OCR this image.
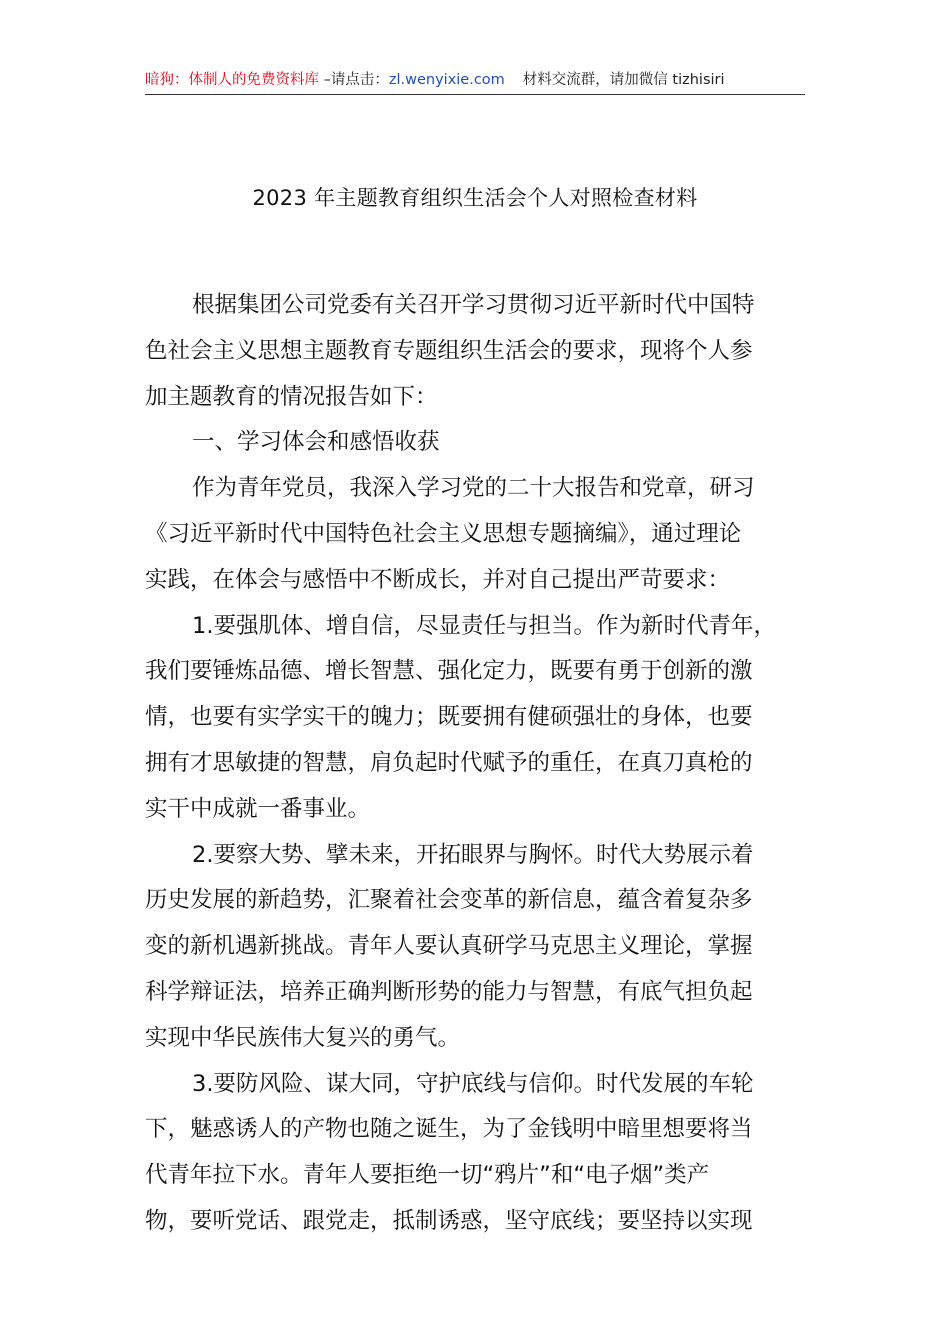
暗狗：体制人的免费资料库 –请点击：zl.wenyixie.com 材料交流群，请加微信 tizhisiri
2023 年主题教育组织生活会个人对照检查材料
根据集团公司党委有关召开学习贯彻习近平新时代中国特
色社会主义思想主题教育专题组织生活会的要求，现将个人参
加主题教育的情况报告如下：
一、学习体会和感悟收获
作为青年党员，我深入学习党的二十大报告和党章，研习
《习近平新时代中国特色社会主义思想专题摘编》，通过理论
实践，在体会与感悟中不断成长，并对自己提出严苛要求：
1.要强肌体、增自信，尽显责任与担当。作为新时代青年，
我们要锤炼品德、增长智慧、强化定力，既要有勇于创新的激
情，也要有实学实干的魄力；既要拥有健硕强壮的身体，也要
拥有才思敏捷的智慧，肩负起时代赋予的重任，在真刀真枪的
实干中成就一番事业。
2.要察大势、擘未来，开拓眼界与胸怀。时代大势展示着
历史发展的新趋势，汇聚着社会变革的新信息，蕴含着复杂多
变的新机遇新挑战。青年人要认真研学马克思主义理论，掌握
科学辩证法，培养正确判断形势的能力与智慧，有底气担负起
实现中华民族伟大复兴的勇气。
3.要防风险、谋大同，守护底线与信仰。时代发展的车轮
下，魅惑诱人的产物也随之诞生，为了金钱明中暗里想要将当
代青年拉下水。青年人要拒绝一切“鸦片”和“电子烟”类产
物，要听党话、跟党走，抵制诱惑，坚守底线；要坚持以实现
